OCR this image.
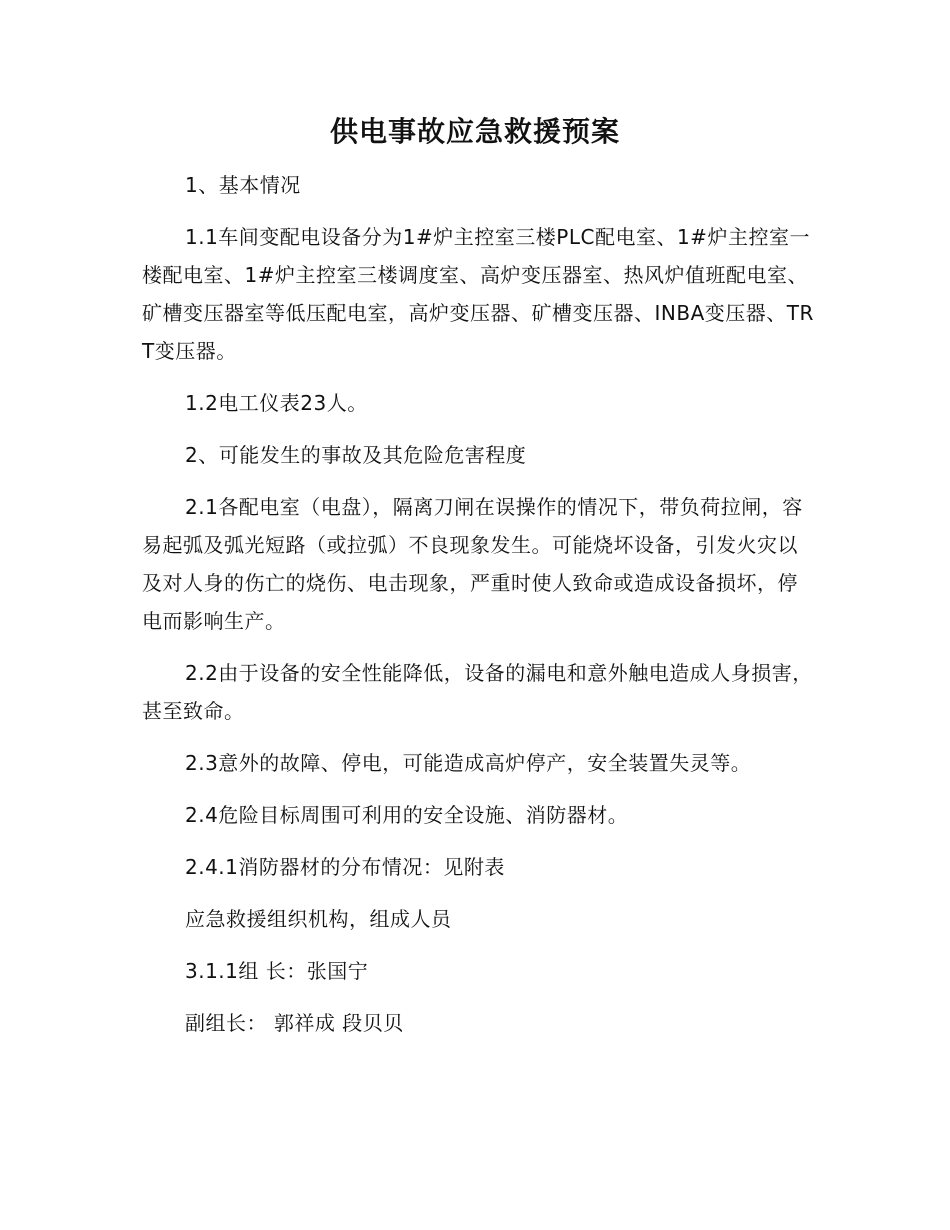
供电事故应急救援预案

1、基本情况

1.1车间变配电设备分为1#炉主控室三楼PLC配电室、1#炉主控室一楼配电室、1#炉主控室三楼调度室、高炉变压器室、热风炉值班配电室、矿槽变压器室等低压配电室，高炉变压器、矿槽变压器、INBA变压器、TRT变压器。

1.2电工仪表23人。

2、可能发生的事故及其危险危害程度

2.1各配电室（电盘），隔离刀闸在误操作的情况下，带负荷拉闸，容易起弧及弧光短路（或拉弧）不良现象发生。可能烧坏设备，引发火灾以及对人身的伤亡的烧伤、电击现象，严重时使人致命或造成设备损坏，停电而影响生产。

2.2由于设备的安全性能降低，设备的漏电和意外触电造成人身损害，甚至致命。

2.3意外的故障、停电，可能造成高炉停产，安全装置失灵等。

2.4危险目标周围可利用的安全设施、消防器材。

2.4.1消防器材的分布情况：见附表

应急救援组织机构，组成人员

3.1.1组 长：张国宁

副组长： 郭祥成 段贝贝
